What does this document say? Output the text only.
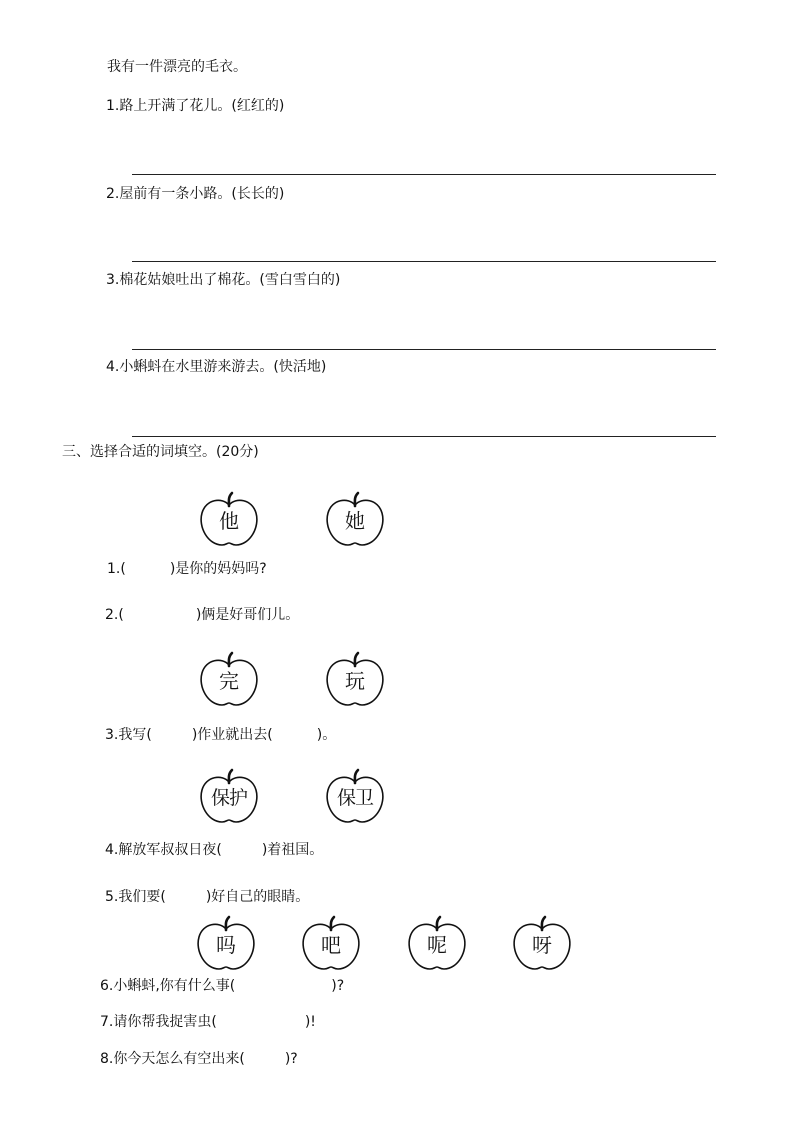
我有一件漂亮的毛衣。
1.路上开满了花儿。(红红的)
2.屋前有一条小路。(长长的)
3.棉花姑娘吐出了棉花。(雪白雪白的)
4.小蝌蚪在水里游来游去。(快活地)
三、选择合适的词填空。(20分)
他	她
1.(	)是你的妈妈吗?
2.(	)俩是好哥们儿。
完	玩
3.我写(	)作业就出去(	)。
保护	保卫
4.解放军叔叔日夜(	)着祖国。
5.我们要(	)好自己的眼睛。
吗	吧	呢	呀
6.小蝌蚪,你有什么事(	)?
7.请你帮我捉害虫(	)!
8.你今天怎么有空出来(	)?
